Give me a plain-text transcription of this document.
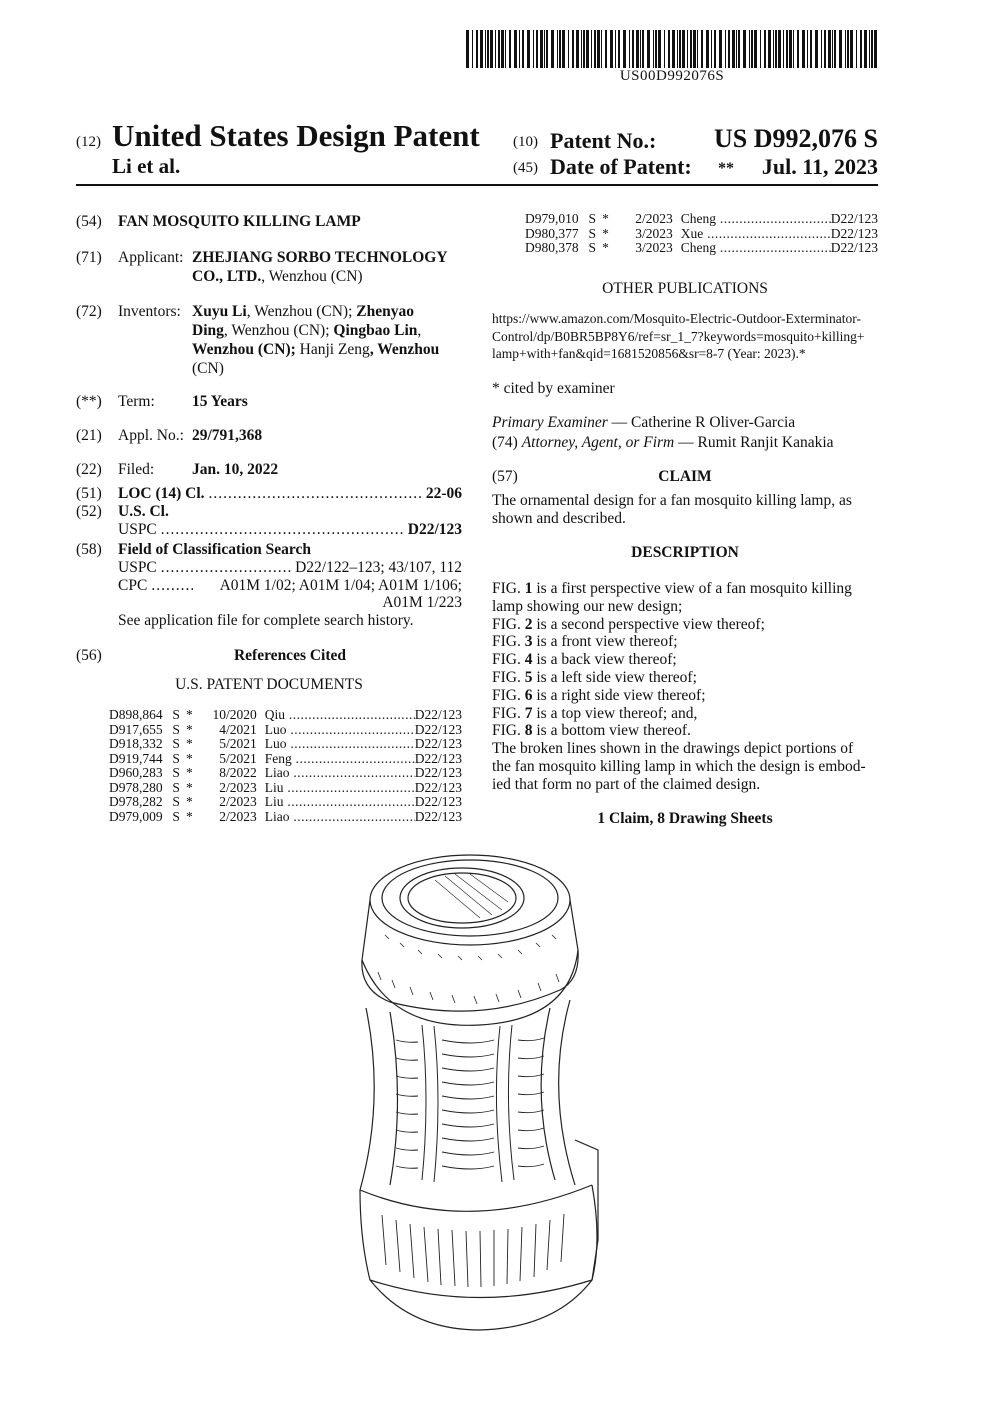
US00D992076S
(12) United States Design Patent
Li et al.
(10) Patent No.:	US D992,076 S
(45) Date of Patent: **	Jul. 11, 2023
(54) FAN MOSQUITO KILLING LAMP
(71) Applicant: ZHEJIANG SORBO TECHNOLOGY CO., LTD., Wenzhou (CN)
(72) Inventors: Xuyu Li, Wenzhou (CN); Zhenyao
Ding, Wenzhou (CN); Qingbao Lin,
Wenzhou (CN); Hanji Zeng, Wenzhou
(CN)
(**) Term: 15 Years
(21) Appl. No.: 29/791,368
(22) Filed: Jan. 10, 2022
(51) LOC (14) Cl. .....	22-06
(52) U.S. Cl.
USPC .....	D22/123
(58) Field of Classification Search
USPC .....	D22/122–123; 43/107, 112
CPC .....	A01M 1/02; A01M 1/04; A01M 1/106;
A01M 1/223
See application file for complete search history.
(56)	References Cited
U.S. PATENT DOCUMENTS
D898,864	S	*	10/2020	Qiu .....	D22/123
D917,655	S	*	4/2021	Luo .....	D22/123
D918,332	S	*	5/2021	Luo .....	D22/123
D919,744	S	*	5/2021	Feng .....	D22/123
D960,283	S	*	8/2022	Liao .....	D22/123
D978,280	S	*	2/2023	Liu .....	D22/123
D978,282	S	*	2/2023	Liu .....	D22/123
D979,009	S	*	2/2023	Liao .....	D22/123
D979,010	S	*	2/2023	Cheng .....	D22/123
D980,377	S	*	3/2023	Xue .....	D22/123
D980,378	S	*	3/2023	Cheng .....	D22/123
OTHER PUBLICATIONS
https://www.amazon.com/Mosquito-Electric-Outdoor-Exterminator-
Control/dp/B0BR5BP8Y6/ref=sr_1_7?keywords=mosquito+killing+
lamp+with+fan&qid=1681520856&sr=8-7 (Year: 2023).*
* cited by examiner
Primary Examiner — Catherine R Oliver-Garcia
(74) Attorney, Agent, or Firm — Rumit Ranjit Kanakia
(57)	CLAIM
The ornamental design for a fan mosquito killing lamp, as
shown and described.
DESCRIPTION
FIG. 1 is a first perspective view of a fan mosquito killing
lamp showing our new design;
FIG. 2 is a second perspective view thereof;
FIG. 3 is a front view thereof;
FIG. 4 is a back view thereof;
FIG. 5 is a left side view thereof;
FIG. 6 is a right side view thereof;
FIG. 7 is a top view thereof; and,
FIG. 8 is a bottom view thereof.
The broken lines shown in the drawings depict portions of
the fan mosquito killing lamp in which the design is embod-
ied that form no part of the claimed design.
1 Claim, 8 Drawing Sheets
